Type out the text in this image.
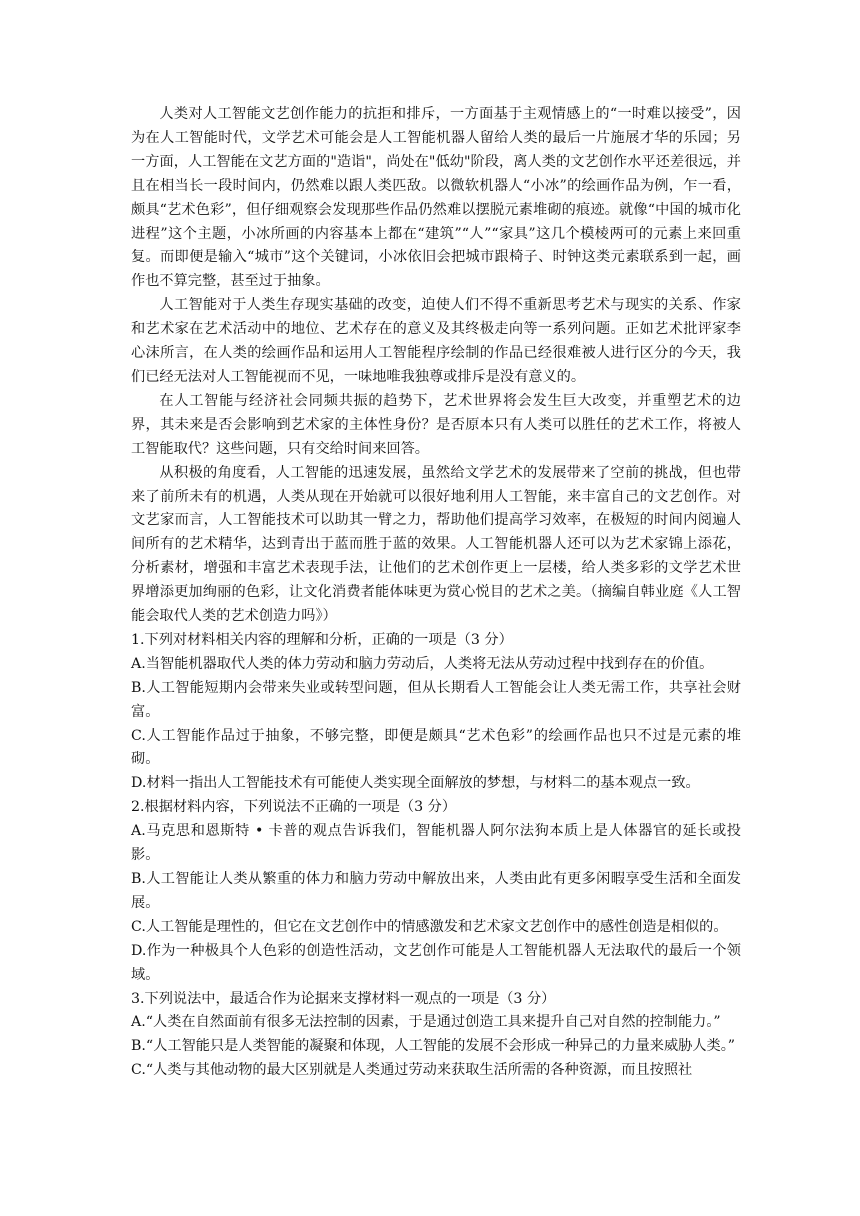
人类对人工智能文艺创作能力的抗拒和排斥，一方面基于主观情感上的“一时难以接受”，因为在人工智能时代，文学艺术可能会是人工智能机器人留给人类的最后一片施展才华的乐园；另一方面，人工智能在文艺方面的"造诣"，尚处在"低幼"阶段，离人类的文艺创作水平还差很远，并且在相当长一段时间内，仍然难以跟人类匹敌。以微软机器人“小冰”的绘画作品为例，乍一看，颇具“艺术色彩”，但仔细观察会发现那些作品仍然难以摆脱元素堆砌的痕迹。就像“中国的城市化进程”这个主题，小冰所画的内容基本上都在“建筑”“人”“家具”这几个模棱两可的元素上来回重复。而即便是输入“城市”这个关键词，小冰依旧会把城市跟椅子、时钟这类元素联系到一起，画作也不算完整，甚至过于抽象。

人工智能对于人类生存现实基础的改变，迫使人们不得不重新思考艺术与现实的关系、作家和艺术家在艺术活动中的地位、艺术存在的意义及其终极走向等一系列问题。正如艺术批评家李心沫所言，在人类的绘画作品和运用人工智能程序绘制的作品已经很难被人进行区分的今天，我们已经无法对人工智能视而不见，一味地唯我独尊或排斥是没有意义的。

在人工智能与经济社会同频共振的趋势下，艺术世界将会发生巨大改变，并重塑艺术的边界，其未来是否会影响到艺术家的主体性身份？是否原本只有人类可以胜任的艺术工作，将被人工智能取代？这些问题，只有交给时间来回答。

从积极的角度看，人工智能的迅速发展，虽然给文学艺术的发展带来了空前的挑战，但也带来了前所未有的机遇，人类从现在开始就可以很好地利用人工智能，来丰富自己的文艺创作。对文艺家而言，人工智能技术可以助其一臂之力，帮助他们提高学习效率，在极短的时间内阅遍人间所有的艺术精华，达到青出于蓝而胜于蓝的效果。人工智能机器人还可以为艺术家锦上添花，分析素材，增强和丰富艺术表现手法，让他们的艺术创作更上一层楼，给人类多彩的文学艺术世界增添更加绚丽的色彩，让文化消费者能体味更为赏心悦目的艺术之美。（摘编自韩业庭《人工智能会取代人类的艺术创造力吗》）

1.下列对材料相关内容的理解和分析，正确的一项是（3 分）

A.当智能机器取代人类的体力劳动和脑力劳动后，人类将无法从劳动过程中找到存在的价值。

B.人工智能短期内会带来失业或转型问题，但从长期看人工智能会让人类无需工作，共享社会财富。

C.人工智能作品过于抽象，不够完整，即便是颇具“艺术色彩”的绘画作品也只不过是元素的堆砌。

D.材料一指出人工智能技术有可能使人类实现全面解放的梦想，与材料二的基本观点一致。

2.根据材料内容，下列说法不正确的一项是（3 分）

A.马克思和恩斯特 • 卡普的观点告诉我们，智能机器人阿尔法狗本质上是人体器官的延长或投影。

B.人工智能让人类从繁重的体力和脑力劳动中解放出来，人类由此有更多闲暇享受生活和全面发展。

C.人工智能是理性的，但它在文艺创作中的情感激发和艺术家文艺创作中的感性创造是相似的。

D.作为一种极具个人色彩的创造性活动，文艺创作可能是人工智能机器人无法取代的最后一个领域。

3.下列说法中，最适合作为论据来支撑材料一观点的一项是（3 分）

A.“人类在自然面前有很多无法控制的因素，于是通过创造工具来提升自己对自然的控制能力。”

B.“人工智能只是人类智能的凝聚和体现，人工智能的发展不会形成一种异己的力量来威胁人类。”

C.“人类与其他动物的最大区别就是人类通过劳动来获取生活所需的各种资源，而且按照社
